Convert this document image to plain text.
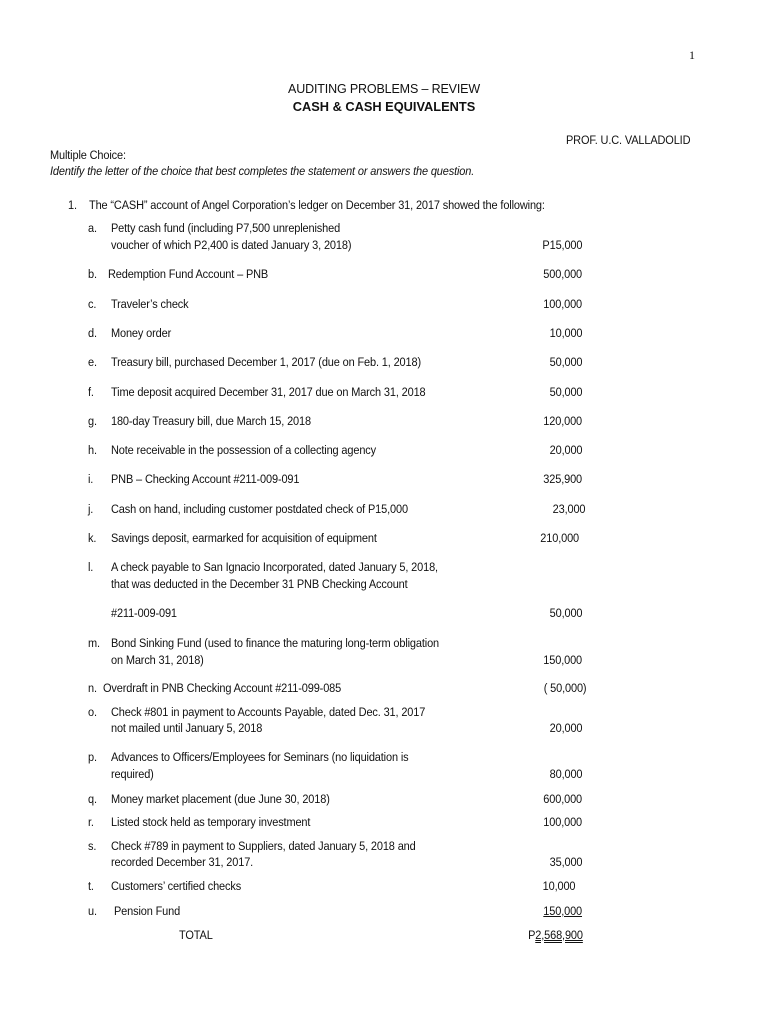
1
AUDITING PROBLEMS – REVIEW
CASH & CASH EQUIVALENTS
PROF. U.C. VALLADOLID
Multiple Choice:
Identify the letter of the choice that best completes the statement or answers the question.
1. The “CASH” account of Angel Corporation’s ledger on December 31, 2017 showed the following:
a. Petty cash fund (including P7,500 unreplenished
voucher of which P2,400 is dated January 3, 2018)	P15,000
b. Redemption Fund Account – PNB	500,000
c. Traveler’s check	100,000
d. Money order	10,000
e. Treasury bill, purchased December 1, 2017 (due on Feb. 1, 2018)	50,000
f. Time deposit acquired December 31, 2017 due on March 31, 2018	50,000
g. 180-day Treasury bill, due March 15, 2018	120,000
h. Note receivable in the possession of a collecting agency	20,000
i. PNB – Checking Account #211-009-091	325,900
j. Cash on hand, including customer postdated check of P15,000	23,000
k. Savings deposit, earmarked for acquisition of equipment	210,000
l. A check payable to San Ignacio Incorporated, dated January 5, 2018,
that was deducted in the December 31 PNB Checking Account
#211-009-091	50,000
m. Bond Sinking Fund (used to finance the maturing long-term obligation
on March 31, 2018)	150,000
n. Overdraft in PNB Checking Account #211-099-085	( 50,000)
o. Check #801 in payment to Accounts Payable, dated Dec. 31, 2017
not mailed until January 5, 2018	20,000
p. Advances to Officers/Employees for Seminars (no liquidation is
required)	80,000
q. Money market placement (due June 30, 2018)	600,000
r. Listed stock held as temporary investment	100,000
s. Check #789 in payment to Suppliers, dated January 5, 2018 and
recorded December 31, 2017.	35,000
t. Customers’ certified checks	10,000
u. Pension Fund	150,000
TOTAL	P2,568,900
